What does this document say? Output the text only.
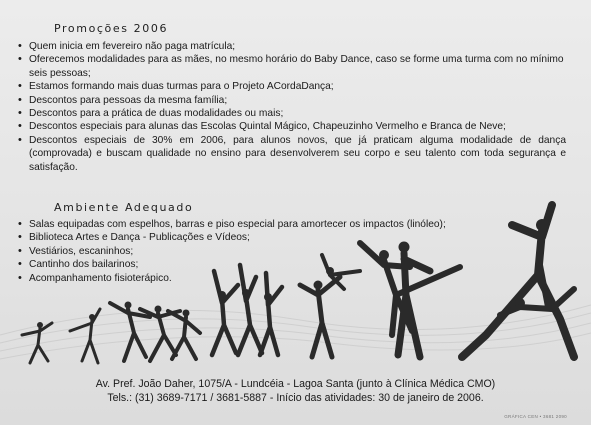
Promoções 2006
• Quem inicia em fevereiro não paga matrícula;
• Oferecemos modalidades para as mães, no mesmo horário do Baby Dance, caso se forme uma turma com no mínimo seis pessoas;
• Estamos formando mais duas turmas para o Projeto ACordaDança;
• Descontos para pessoas da mesma família;
• Descontos para a prática de duas modalidades ou mais;
• Descontos especiais para alunas das Escolas Quintal Mágico, Chapeuzinho Vermelho e Branca de Neve;
• Descontos especiais de 30% em 2006, para alunos novos, que já praticam alguma modalidade de dança (comprovada) e buscam qualidade no ensino para desenvolverem seu corpo e seu talento com toda segurança e satisfação.
Ambiente Adequado
• Salas equipadas com espelhos, barras e piso especial para amortecer os impactos (linóleo);
• Biblioteca Artes e Dança - Publicações e Vídeos;
• Vestiários, escaninhos;
• Cantinho dos bailarinos;
• Acompanhamento fisioterápico.
Av. Pref. João Daher, 1075/A - Lundcéia - Lagoa Santa (junto à Clínica Médica CMO)
Tels.: (31) 3689-7171 / 3681-5887 - Início das atividades: 30 de janeiro de 2006.
GRÁFICA CEN • 3681 2090
